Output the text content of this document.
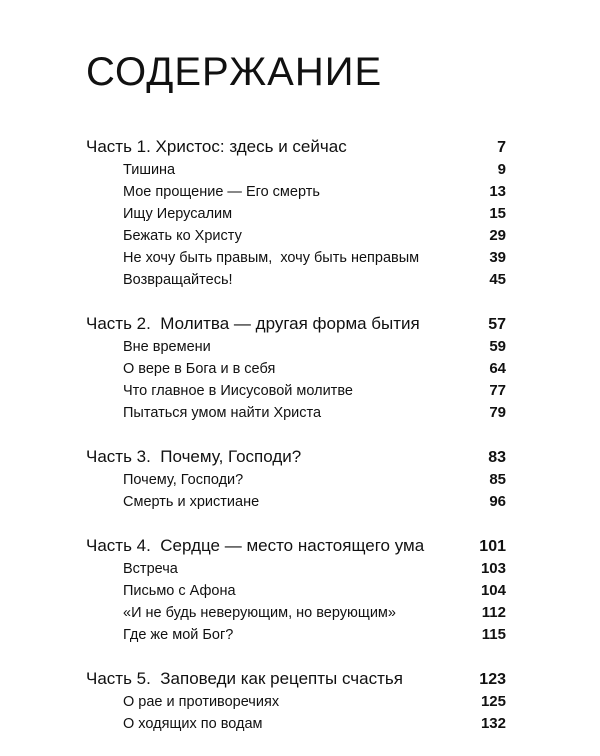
СОДЕРЖАНИЕ
Часть 1. Христос: здесь и сейчас	7
Тишина	9
Мое прощение — Его смерть	13
Ищу Иерусалим	15
Бежать ко Христу	29
Не хочу быть правым,  хочу быть неправым	39
Возвращайтесь!	45
Часть 2.  Молитва — другая форма бытия	57
Вне времени	59
О вере в Бога и в себя	64
Что главное в Иисусовой молитве	77
Пытаться умом найти Христа	79
Часть 3.  Почему, Господи?	83
Почему, Господи?	85
Смерть и христиане	96
Часть 4.  Сердце — место настоящего ума	101
Встреча	103
Письмо с Афона	104
«И не будь неверующим, но верующим»	112
Где же мой Бог?	115
Часть 5.  Заповеди как рецепты счастья	123
О рае и противоречиях	125
О ходящих по водам	132
